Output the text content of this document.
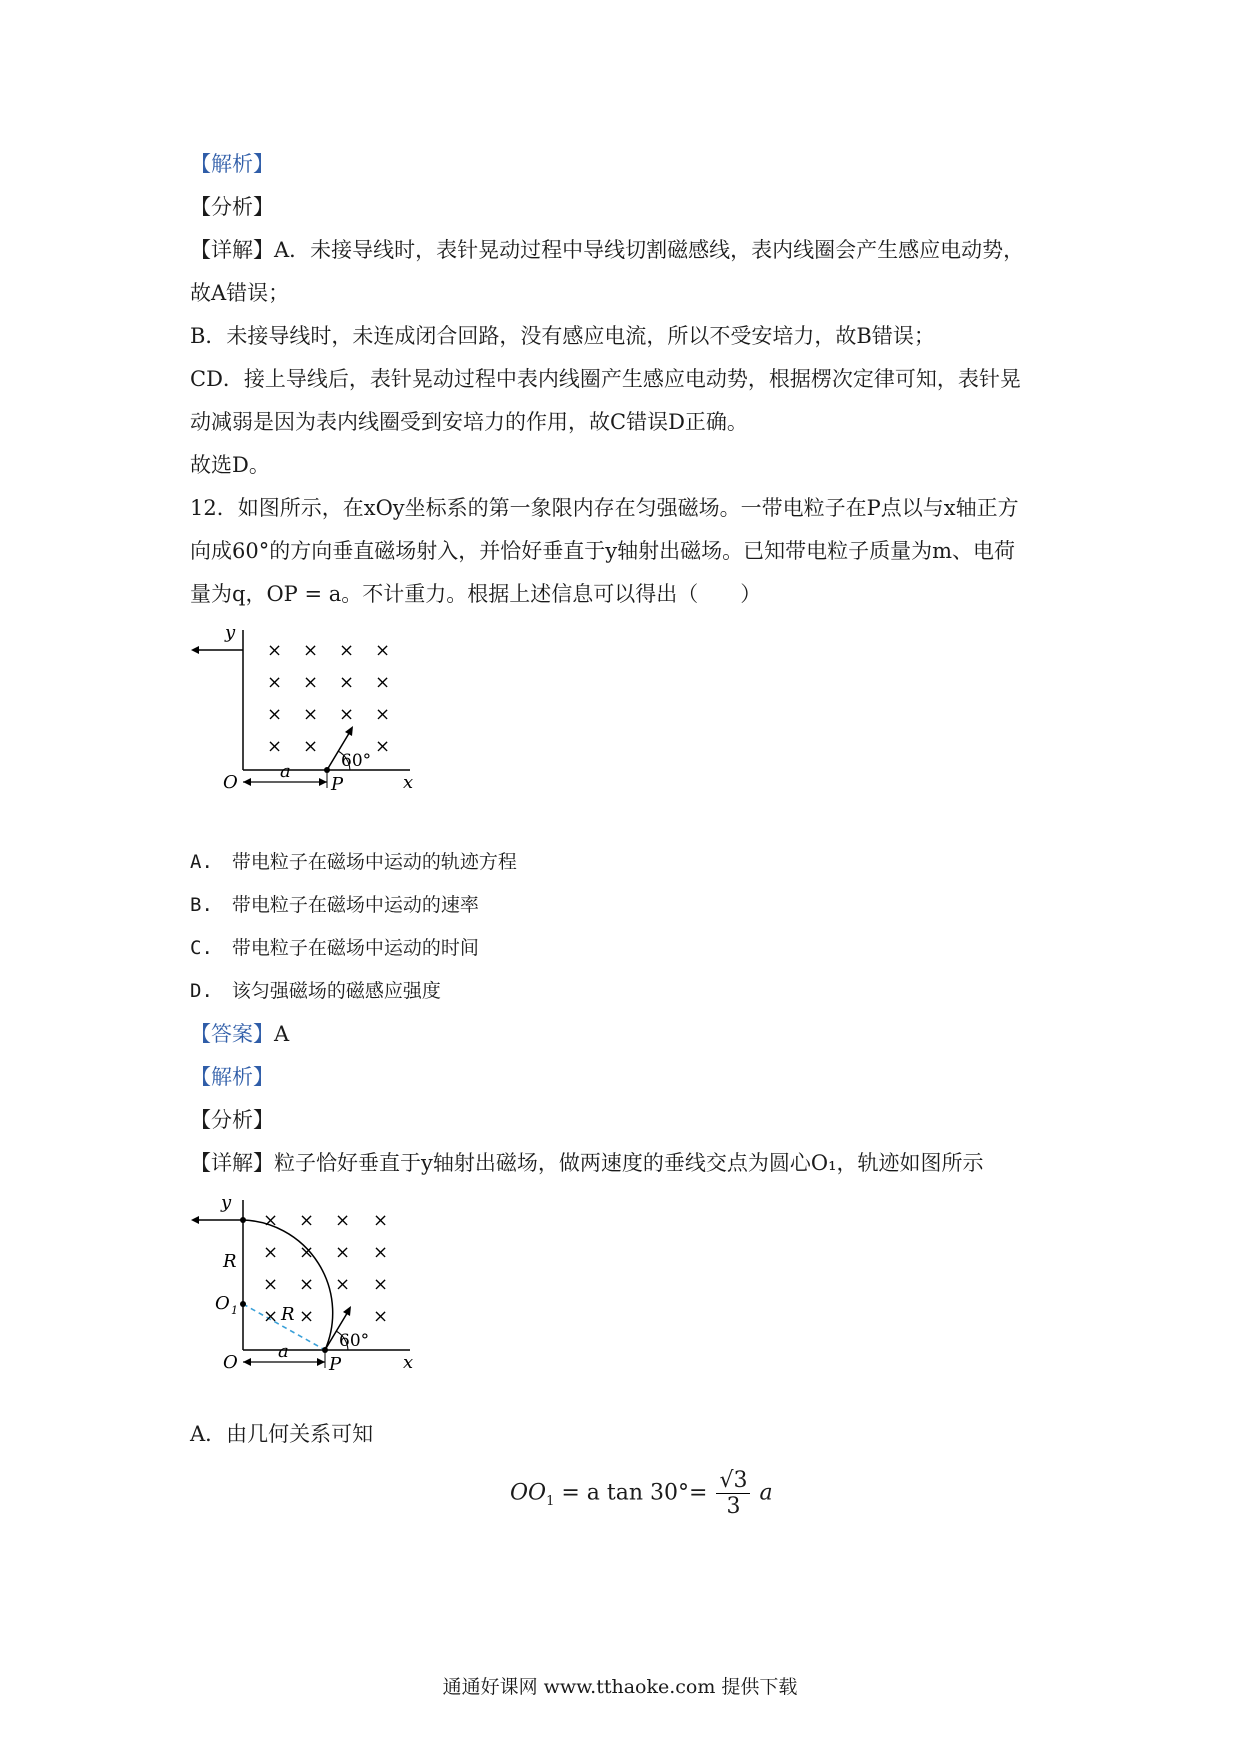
【解析】
【分析】
【详解】A．未接导线时，表针晃动过程中导线切割磁感线，表内线圈会产生感应电动势，
故A错误；
B．未接导线时，未连成闭合回路，没有感应电流，所以不受安培力，故B错误；
CD．接上导线后，表针晃动过程中表内线圈产生感应电动势，根据楞次定律可知，表针晃
动减弱是因为表内线圈受到安培力的作用，故C错误D正确。
故选D。
12．如图所示，在xOy坐标系的第一象限内存在匀强磁场。一带电粒子在P点以与x轴正方
向成60°的方向垂直磁场射入，并恰好垂直于y轴射出磁场。已知带电粒子质量为m、电荷
量为q，OP = a。不计重力。根据上述信息可以得出（　　）
× × × ×
× × × ×
× × × ×
× ×	×
y
O
a
P	x
60°
A.　带电粒子在磁场中运动的轨迹方程
B.　带电粒子在磁场中运动的速率
C.　带电粒子在磁场中运动的时间
D.　该匀强磁场的磁感应强度
【答案】A
【解析】
【分析】
【详解】粒子恰好垂直于y轴射出磁场，做两速度的垂线交点为圆心O₁，轨迹如图所示
× × × ×
× × × ×
× × × ×
× ×	×
y
R
O 1 R
O
a
P	x
60°
A．由几何关系可知
$OO_1 = a$ $\tan 30^\circ= \frac{√3}{3}$ a
通通好课网 www.tthaoke.com 提供下载
